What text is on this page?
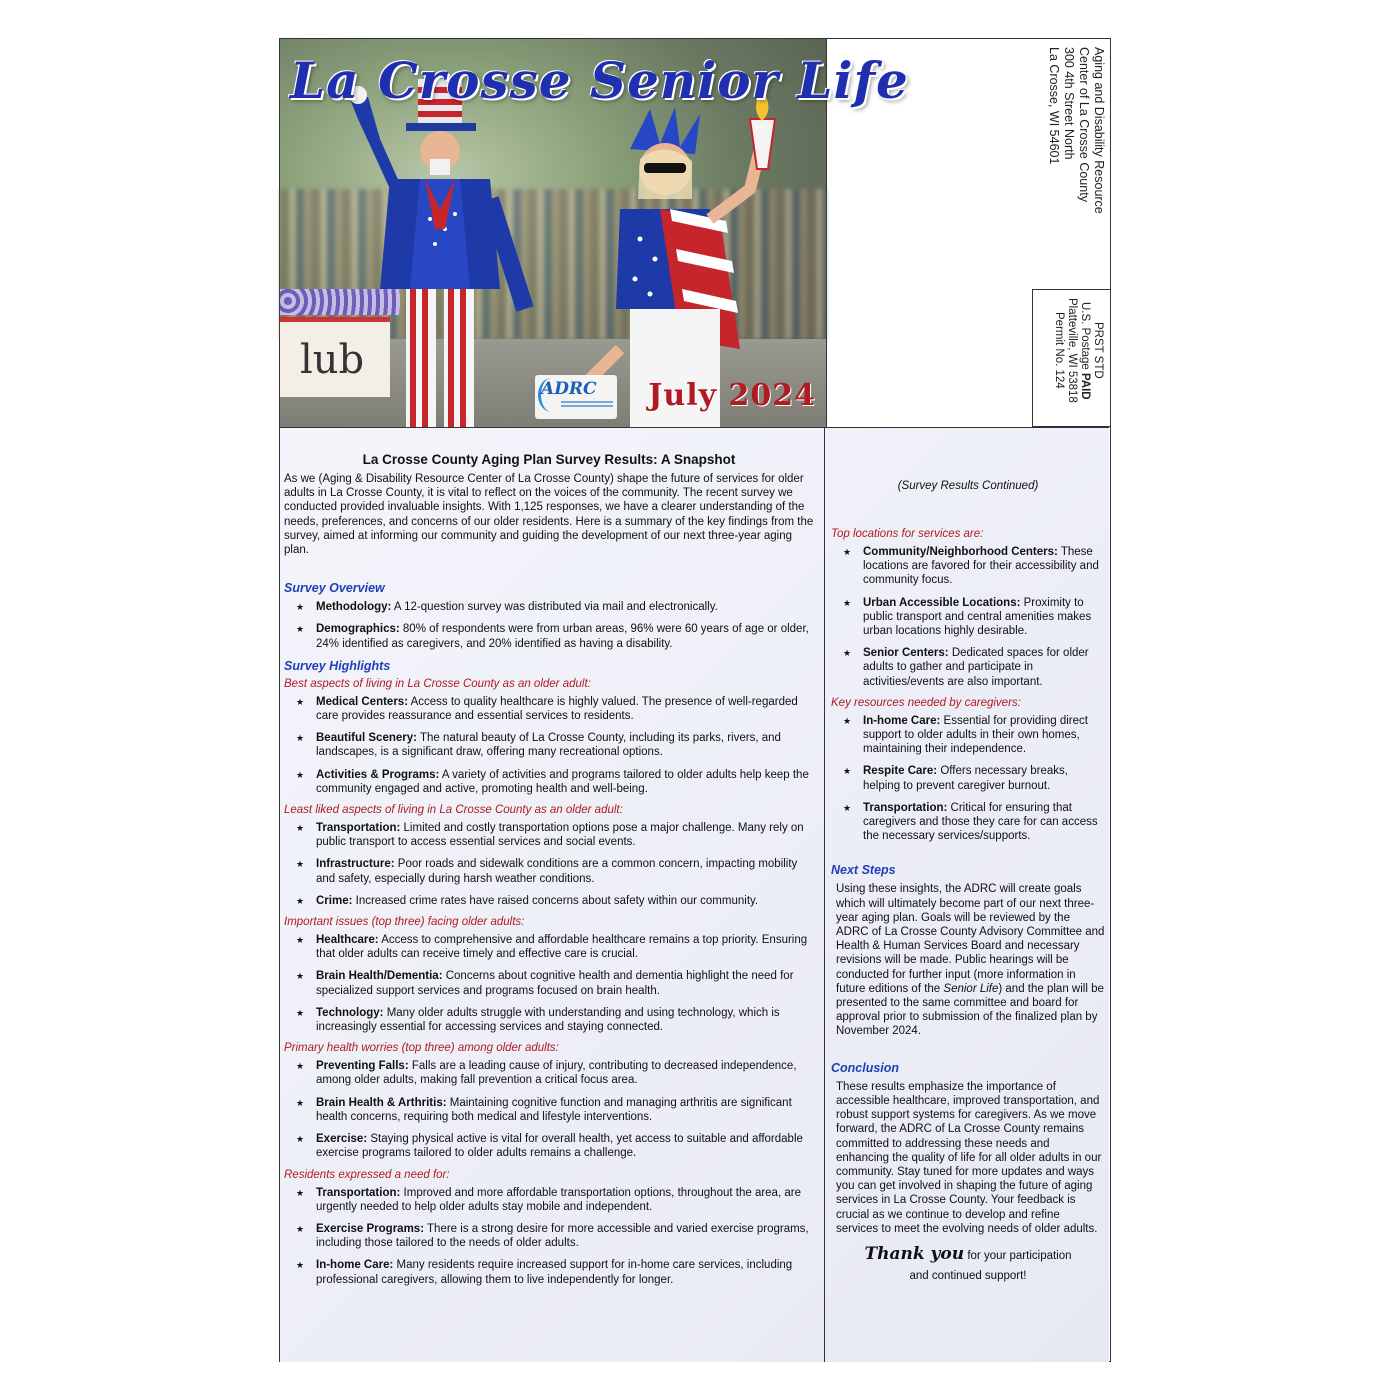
lub
La Crosse Senior Life
ADRC July 2024
Aging and Disability Resource
Center of La Crosse County
300 4th Street North
La Crosse, WI 54601
PRST STD
U.S. Postage PAID
Platteville, WI 53818
Permit No. 124
La Crosse County Aging Plan Survey Results: A Snapshot

As we (Aging & Disability Resource Center of La Crosse County) shape the future of services for older adults in La Crosse County, it is vital to reflect on the voices of the community. The recent survey we conducted provided invaluable insights. With 1,125 responses, we have a clearer understanding of the needs, preferences, and concerns of our older residents. Here is a summary of the key findings from the survey, aimed at informing our community and guiding the development of our next three-year aging plan.

Survey Overview
★ Methodology: A 12-question survey was distributed via mail and electronically.
★ Demographics: 80% of respondents were from urban areas, 96% were 60 years of age or older, 24% identified as caregivers, and 20% identified as having a disability.
Survey Highlights
Best aspects of living in La Crosse County as an older adult:
★ Medical Centers: Access to quality healthcare is highly valued. The presence of well-regarded care provides reassurance and essential services to residents.
★ Beautiful Scenery: The natural beauty of La Crosse County, including its parks, rivers, and landscapes, is a significant draw, offering many recreational options.
★ Activities & Programs: A variety of activities and programs tailored to older adults help keep the community engaged and active, promoting health and well-being.
Least liked aspects of living in La Crosse County as an older adult:
★ Transportation: Limited and costly transportation options pose a major challenge. Many rely on public transport to access essential services and social events.
★ Infrastructure: Poor roads and sidewalk conditions are a common concern, impacting mobility and safety, especially during harsh weather conditions.
★ Crime: Increased crime rates have raised concerns about safety within our community.
Important issues (top three) facing older adults:
★ Healthcare: Access to comprehensive and affordable healthcare remains a top priority. Ensuring that older adults can receive timely and effective care is crucial.
★ Brain Health/Dementia: Concerns about cognitive health and dementia highlight the need for specialized support services and programs focused on brain health.
★ Technology: Many older adults struggle with understanding and using technology, which is increasingly essential for accessing services and staying connected.
Primary health worries (top three) among older adults:
★ Preventing Falls: Falls are a leading cause of injury, contributing to decreased independence, among older adults, making fall prevention a critical focus area.
★ Brain Health & Arthritis: Maintaining cognitive function and managing arthritis are significant health concerns, requiring both medical and lifestyle interventions.
★ Exercise: Staying physical active is vital for overall health, yet access to suitable and affordable exercise programs tailored to older adults remains a challenge.
Residents expressed a need for:
★ Transportation: Improved and more affordable transportation options, throughout the area, are urgently needed to help older adults stay mobile and independent.
★ Exercise Programs: There is a strong desire for more accessible and varied exercise programs, including those tailored to the needs of older adults.
★ In-home Care: Many residents require increased support for in-home care services, including professional caregivers, allowing them to live independently for longer.
(Survey Results Continued)
Top locations for services are:
★ Community/Neighborhood Centers: These locations are favored for their accessibility and community focus.
★ Urban Accessible Locations: Proximity to public transport and central amenities makes urban locations highly desirable.
★ Senior Centers: Dedicated spaces for older adults to gather and participate in activities/events are also important.
Key resources needed by caregivers:
★ In-home Care: Essential for providing direct support to older adults in their own homes, maintaining their independence.
★ Respite Care: Offers necessary breaks, helping to prevent caregiver burnout.
★ Transportation: Critical for ensuring that caregivers and those they care for can access the necessary services/supports.
Next Steps

Using these insights, the ADRC will create goals which will ultimately become part of our next three-year aging plan. Goals will be reviewed by the ADRC of La Crosse County Advisory Committee and Health & Human Services Board and necessary revisions will be made. Public hearings will be conducted for further input (more information in future editions of the Senior Life) and the plan will be presented to the same committee and board for approval prior to submission of the finalized plan by November 2024.

Conclusion

These results emphasize the importance of accessible healthcare, improved transportation, and robust support systems for caregivers. As we move forward, the ADRC of La Crosse County remains committed to addressing these needs and enhancing the quality of life for all older adults in our community. Stay tuned for more updates and ways you can get involved in shaping the future of aging services in La Crosse County. Your feedback is crucial as we continue to develop and refine services to meet the evolving needs of older adults.

Thank you for your participation
and continued support!
